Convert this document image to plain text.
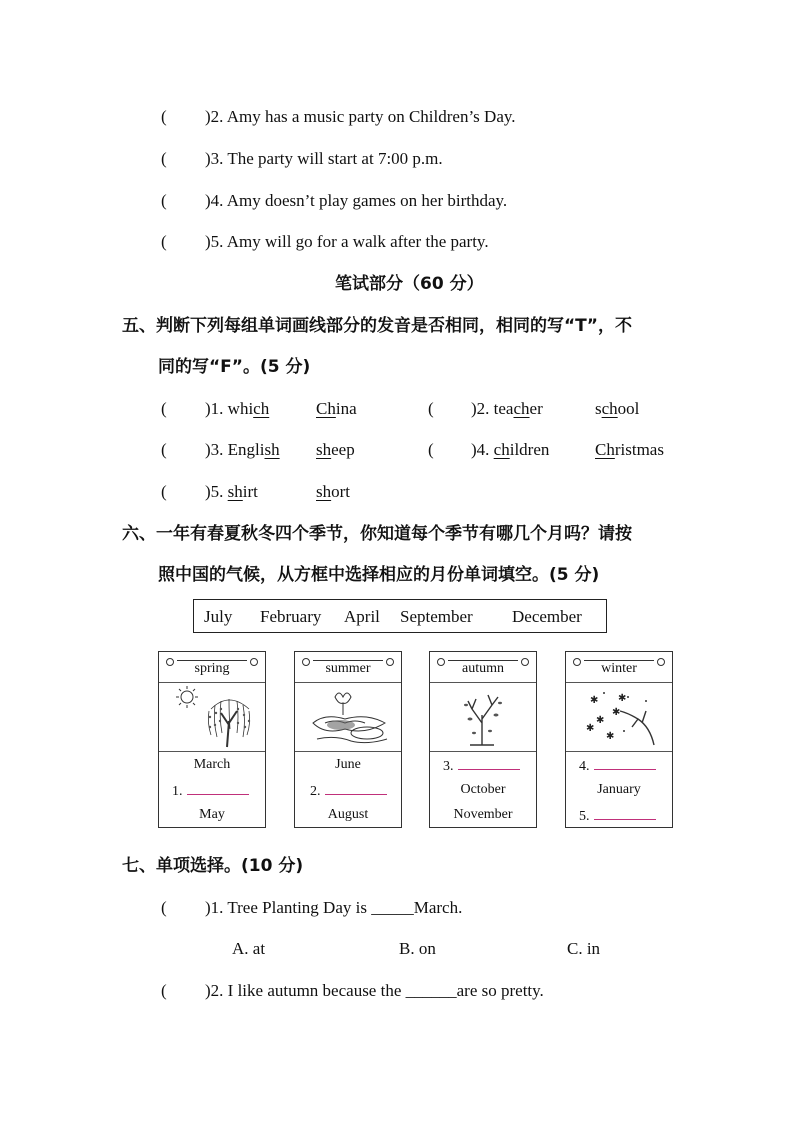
( )2. Amy has a music party on Children’s Day.
( )3. The party will start at 7:00 p.m.
( )4. Amy doesn’t play games on her birthday.
( )5. Amy will go for a walk after the party.
笔试部分（60 分）
五、判断下列每组单词画线部分的发音是否相同，相同的写“T”，不
同的写“F”。(5 分)
( )1. which	China	( )2. teacher	school
( )3. English sheep	( )4. children	Christmas
( )5. shirt	short
六、一年有春夏秋冬四个季节，你知道每个季节有哪几个月吗？请按
照中国的气候，从方框中选择相应的月份单词填空。(5 分)
July February April September December
spring
March
1.
May
summer
June
2.
August
autumn
3.
October
November
winter
✱
✱
✱
✱
✱
✱
4.
January
5.
七、单项选择。(10 分)
( )1. Tree Planting Day is _____March.
A. at	B. on	C. in
( )2. I like autumn because the ______are so pretty.
